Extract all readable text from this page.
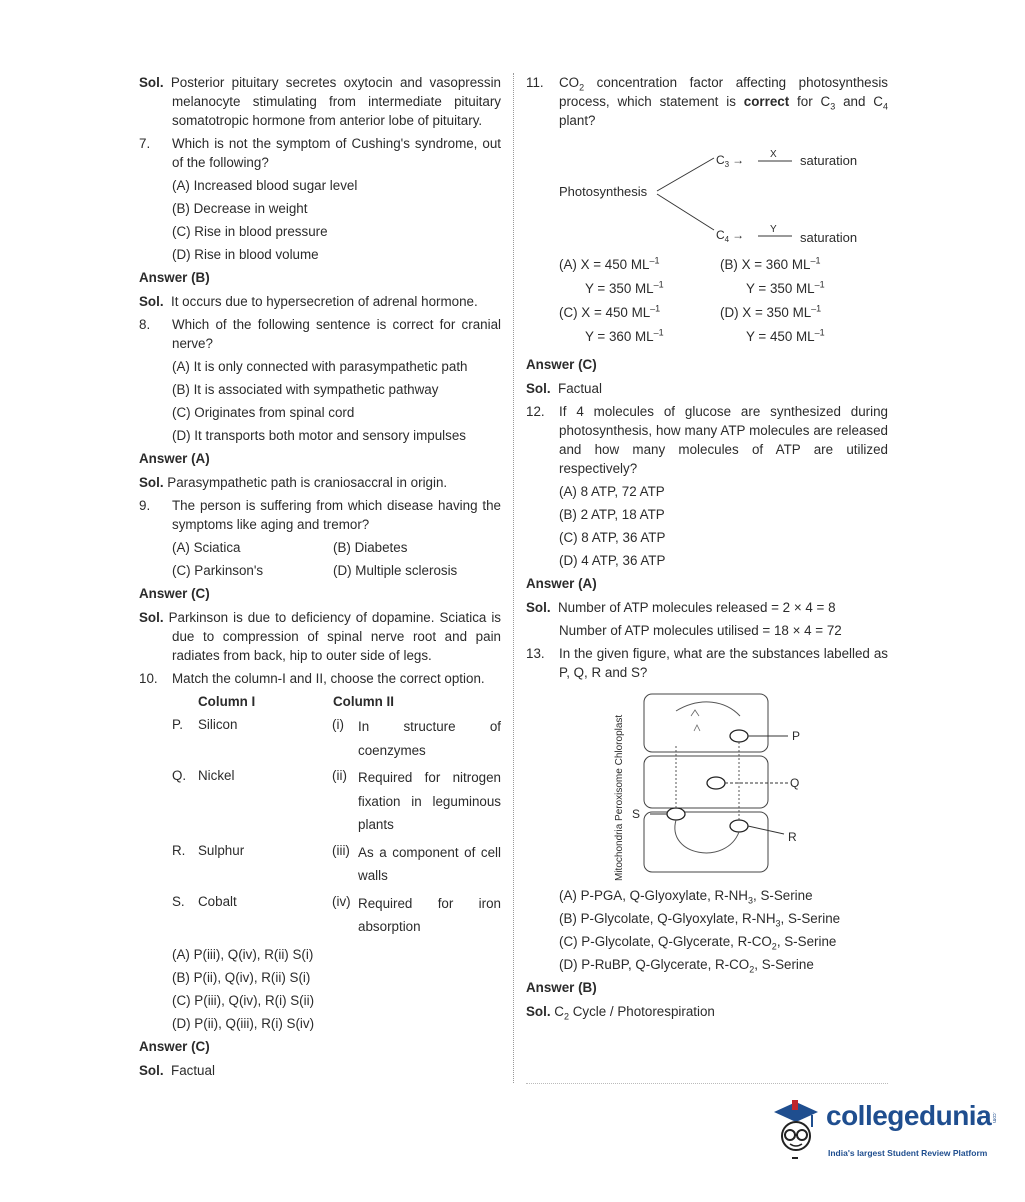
Sol. Posterior pituitary secretes oxytocin and vasopressin melanocyte stimulating from intermediate pituitary somatotropic hormone from anterior lobe of pituitary.
7. Which is not the symptom of Cushing's syndrome, out of the following?
(A) Increased blood sugar level
(B) Decrease in weight
(C) Rise in blood pressure
(D) Rise in blood volume
Answer (B)
Sol. It occurs due to hypersecretion of adrenal hormone.
8. Which of the following sentence is correct for cranial nerve?
(A) It is only connected with parasympathetic path
(B) It is associated with sympathetic pathway
(C) Originates from spinal cord
(D) It transports both motor and sensory impulses
Answer (A)
Sol. Parasympathetic path is craniosaccral in origin.
9. The person is suffering from which disease having the symptoms like aging and tremor?
(A) Sciatica	(B) Diabetes
(C) Parkinson's	(D) Multiple sclerosis
Answer (C)
Sol. Parkinson is due to deficiency of dopamine. Sciatica is due to compression of spinal nerve root and pain radiates from back, hip to outer side of legs.
10. Match the column-I and II, choose the correct option.
Column I	Column II
P.	Silicon	(i)	In structure of coenzymes
Q. Nickel	(ii) Required for nitrogen fixation in leguminous plants
R. Sulphur	(iii) As a component of cell walls
S. Cobalt	(iv) Required for iron absorption
(A) P(iii), Q(iv), R(ii) S(i)
(B) P(ii), Q(iv), R(ii) S(i)
(C) P(iii), Q(iv), R(i) S(ii)
(D) P(ii), Q(iii), R(i) S(iv)
Answer (C)
Sol. Factual
11. $CO_2$ concentration factor affecting photosynthesis process, which statement is correct for $C_3$ and $C_4$ plant?
Photosynthesis
$C_3$ →	X saturation
$C_4$ →	Y
saturation
(A) X = 450 $ML^{-1}$
Y = 350 $ML^{-1}$
(C) X = 450 $ML^{-1}$
Y = 360 $ML^{-1}$
(B) X = 360 $ML^{-1}$
Y = 350 $ML^{-1}$
(D) X = 350 $ML^{-1}$
Y = 450 $ML^{-1}$
Answer (C)
Sol. Factual
12. If 4 molecules of glucose are synthesized during photosynthesis, how many ATP molecules are released and how many molecules of ATP are utilized respectively?
(A) 8 ATP, 72 ATP
(B) 2 ATP, 18 ATP
(C) 8 ATP, 36 ATP
(D) 4 ATP, 36 ATP
Answer (A)
Sol. Number of ATP molecules released = 2 × 4 = 8
Number of ATP molecules utilised = 18 × 4 = 72
13. In the given figure, what are the substances labelled as P, Q, R and S?
Mitochondria Peroxisome Chloroplast	P
Q
R
S
(A) P-PGA, Q-Glyoxylate, $R-NH_3$, S-Serine
(B) P-Glycolate, Q-Glyoxylate, $R-NH_3$, S-Serine
(C) P-Glycolate, Q-Glycerate, $R-CO_2$, S-Serine
(D) P-RuBP, Q-Glycerate, $R-CO_2$, S-Serine
Answer (B)
Sol. $C_2$ Cycle / Photorespiration
collegedunia .com
India's largest Student Review Platform
